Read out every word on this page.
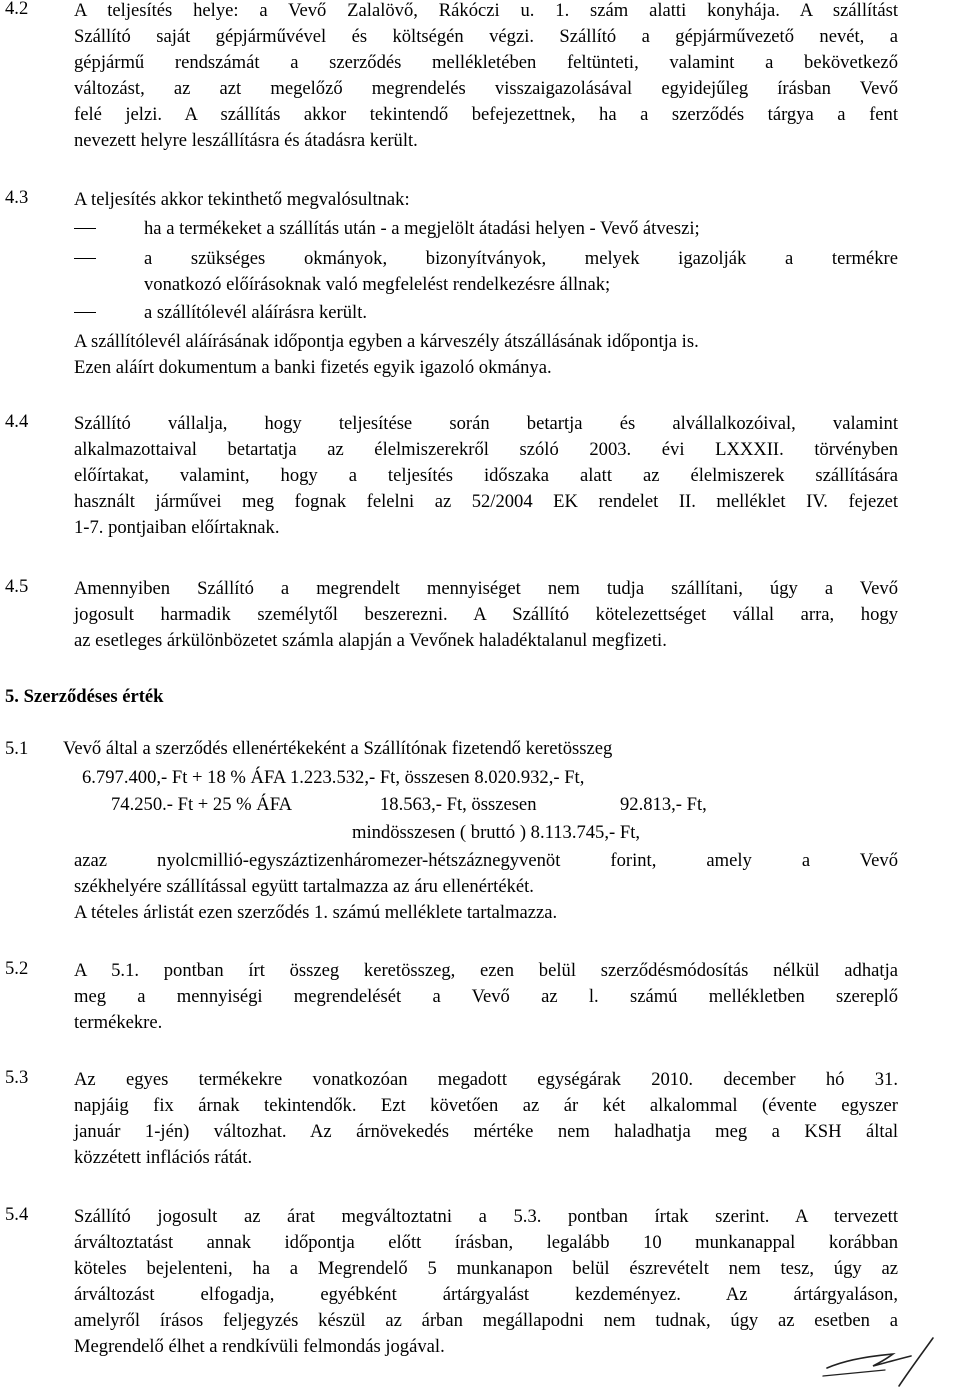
4.2 A teljesítés helye: a Vevő Zalalövő, Rákóczi u. 1. szám alatti konyhája. A szállítást
Szállító saját gépjárművével és költségén végzi. Szállító a gépjárművezető nevét, a
gépjármű rendszámát a szerződés mellékletében feltünteti, valamint a bekövetkező
változást, az azt megelőző megrendelés visszaigazolásával egyidejűleg írásban Vevő
felé jelzi. A szállítás akkor tekintendő befejezettnek, ha a szerződés tárgya a fent
nevezett helyre leszállításra és átadásra került.
4.3 A teljesítés akkor tekinthető megvalósultnak:
ha a termékeket a szállítás után - a megjelölt átadási helyen - Vevő átveszi;
a szükséges okmányok, bizonyítványok, melyek igazolják a termékre
vonatkozó előírásoknak való megfelelést rendelkezésre állnak;
a szállítólevél aláírásra került.
A szállítólevél aláírásának időpontja egyben a kárveszély átszállásának időpontja is.
Ezen aláírt dokumentum a banki fizetés egyik igazoló okmánya.
4.4 Szállító vállalja, hogy teljesítése során betartja és alvállalkozóival, valamint
alkalmazottaival betartatja az élelmiszerekről szóló 2003. évi LXXXII. törvényben
előírtakat, valamint, hogy a teljesítés időszaka alatt az élelmiszerek szállítására
használt járművei meg fognak felelni az 52/2004 EK rendelet II. melléklet IV. fejezet
1-7. pontjaiban előírtaknak.
4.5 Amennyiben Szállító a megrendelt mennyiséget nem tudja szállítani, úgy a Vevő
jogosult harmadik személytől beszerezni. A Szállító kötelezettséget vállal arra, hogy
az esetleges árkülönbözetet számla alapján a Vevőnek haladéktalanul megfizeti.
5. Szerződéses érték
5.1 Vevő által a szerződés ellenértékeként a Szállítónak fizetendő keretösszeg
6.797.400,- Ft + 18 % ÁFA 1.223.532,- Ft, összesen 8.020.932,- Ft,
74.250.- Ft + 25 % ÁFA	18.563,- Ft, összesen	92.813,- Ft,
mindösszesen ( bruttó ) 8.113.745,- Ft,
azaz nyolcmillió-egyszáztizenháromezer-hétszáznegyvenöt forint, amely a Vevő
székhelyére szállítással együtt tartalmazza az áru ellenértékét.
A tételes árlistát ezen szerződés 1. számú melléklete tartalmazza.
5.2 A 5.1. pontban írt összeg keretösszeg, ezen belül szerződésmódosítás nélkül adhatja
meg a mennyiségi megrendelését a Vevő az l. számú mellékletben szereplő
termékekre.
5.3 Az egyes termékekre vonatkozóan megadott egységárak 2010. december hó 31.
napjáig fix árnak tekintendők. Ezt követően az ár két alkalommal (évente egyszer
január 1-jén) változhat. Az árnövekedés mértéke nem haladhatja meg a KSH által
közzétett inflációs rátát.
5.4 Szállító jogosult az árat megváltoztatni a 5.3. pontban írtak szerint. A tervezett
árváltoztatást annak időpontja előtt írásban, legalább 10 munkanappal korábban
köteles bejelenteni, ha a Megrendelő 5 munkanapon belül észrevételt nem tesz, úgy az
árváltozást elfogadja, egyébként ártárgyalást kezdeményez. Az ártárgyaláson,
amelyről írásos feljegyzés készül az árban megállapodni nem tudnak, úgy az esetben a
Megrendelő élhet a rendkívüli felmondás jogával.
